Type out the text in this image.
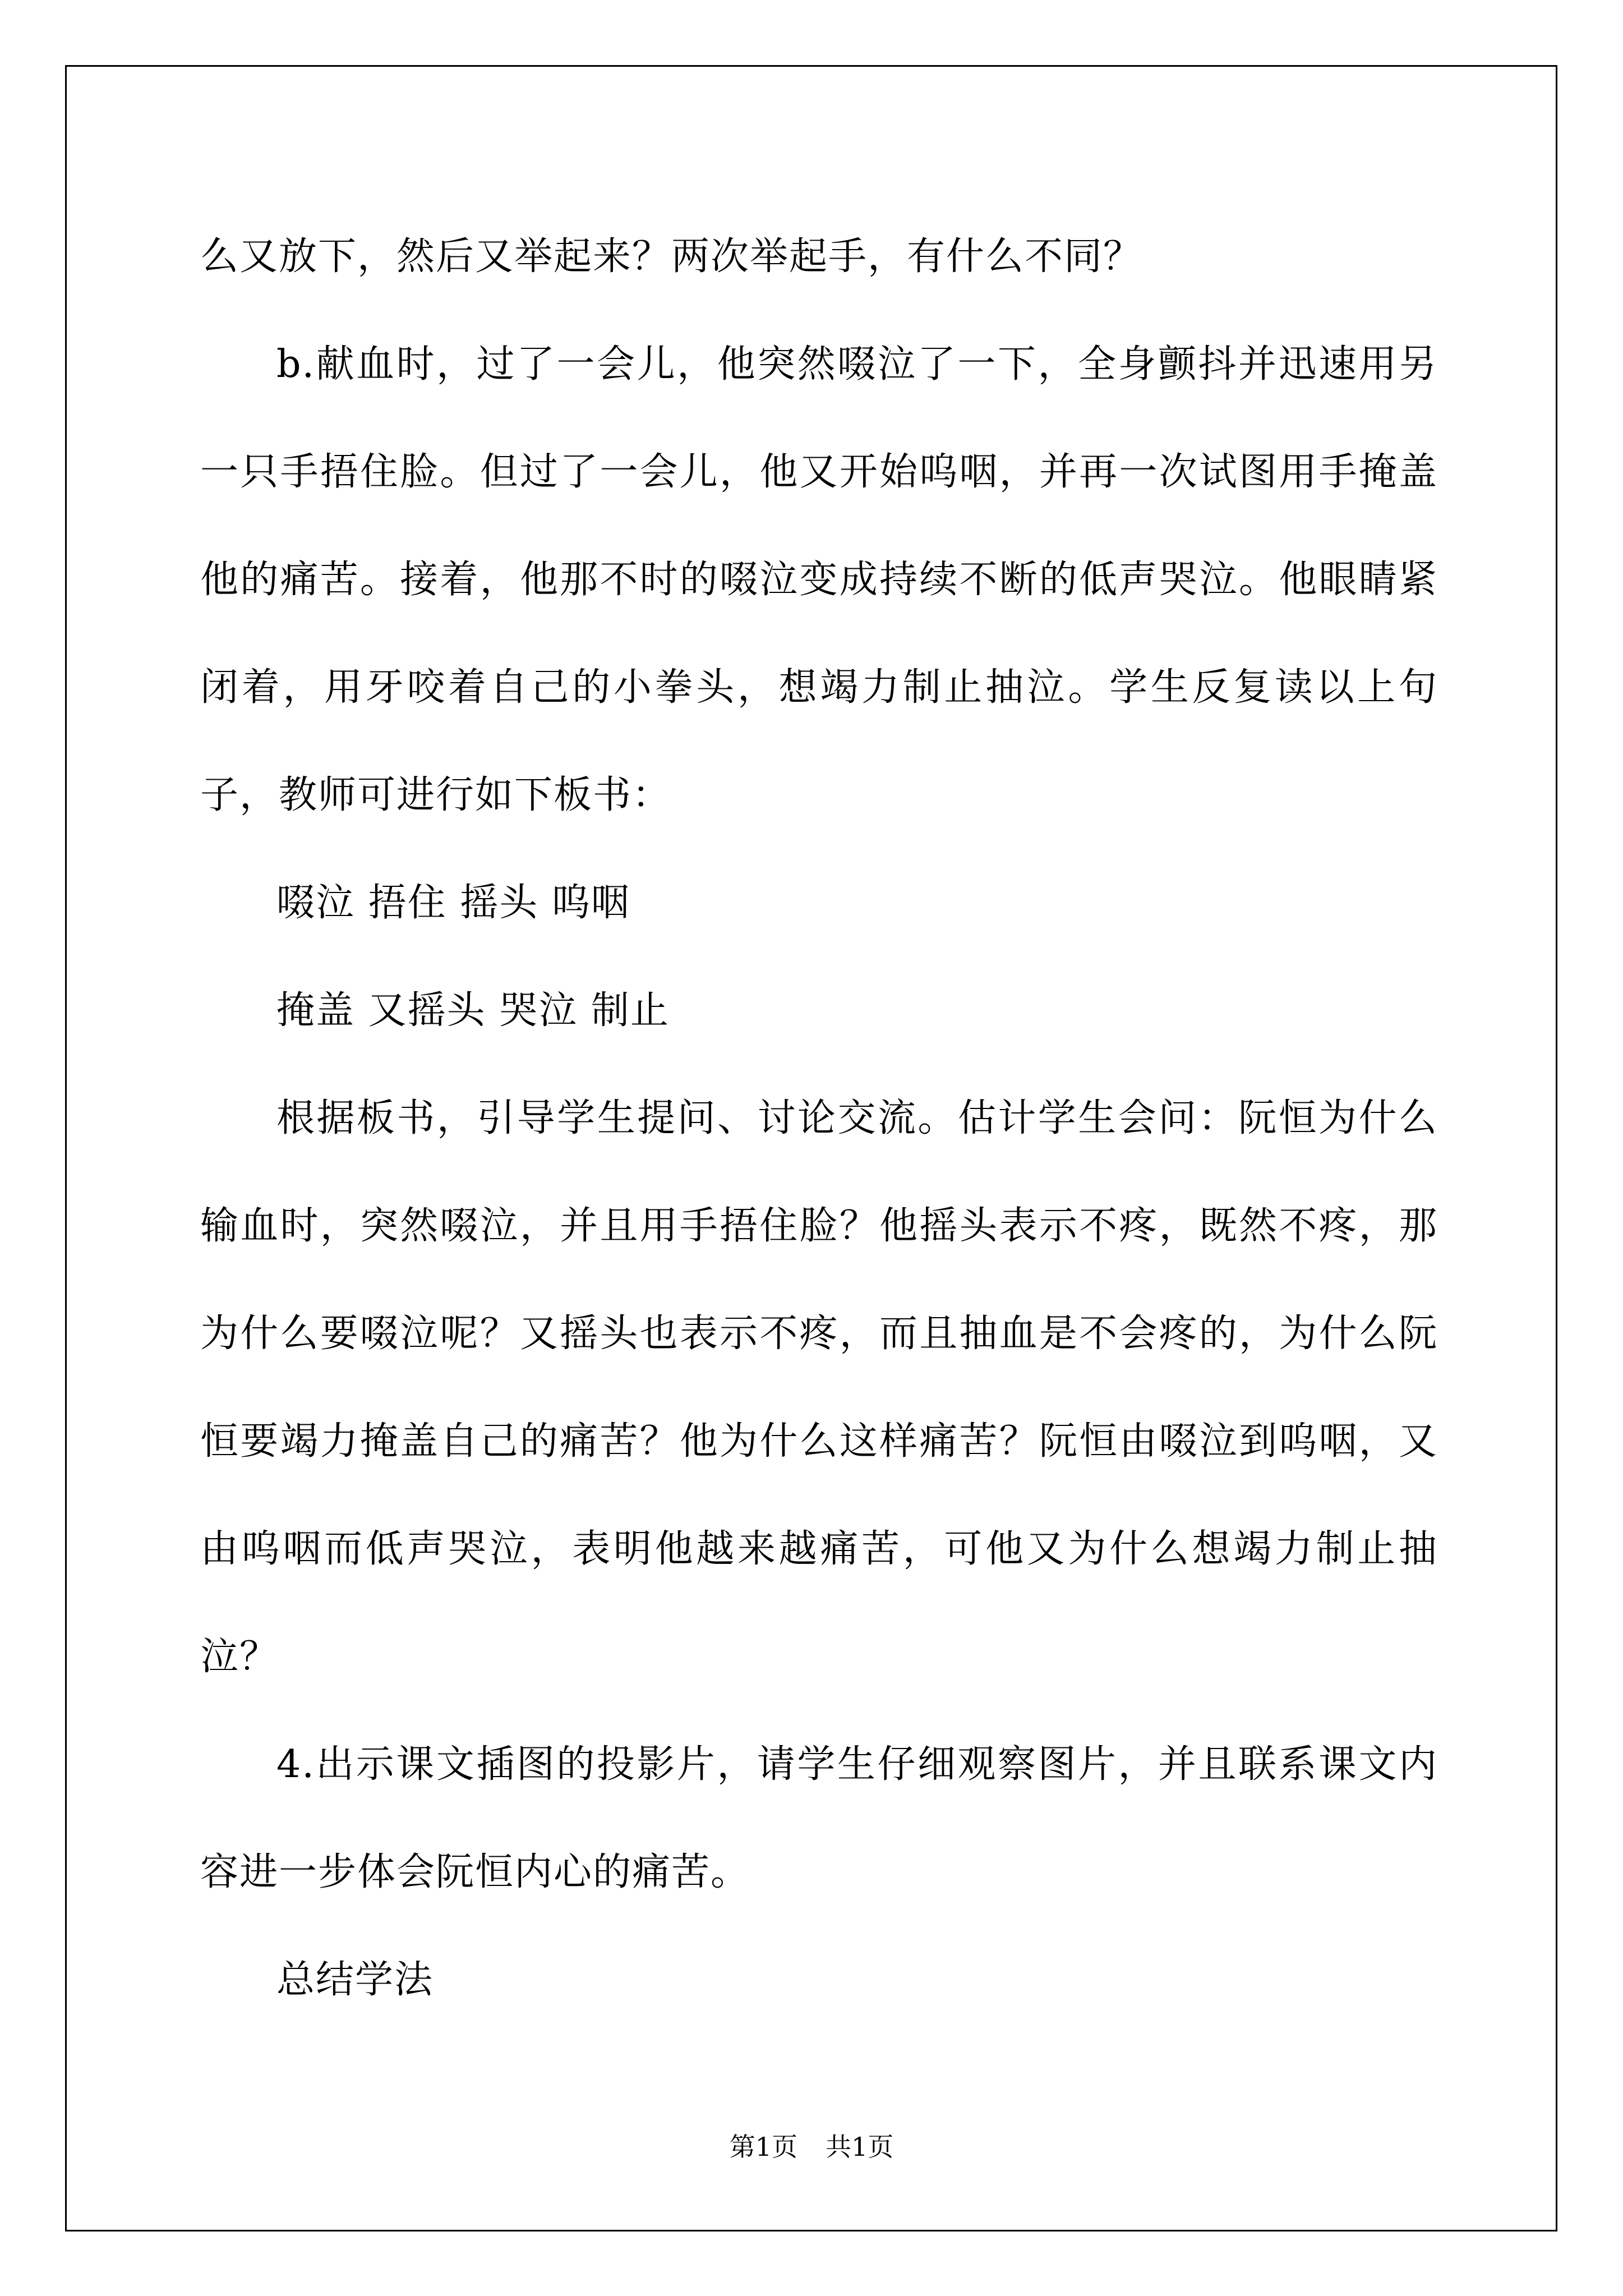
么又放下，然后又举起来？两次举起手，有什么不同？

b.献血时，过了一会儿，他突然啜泣了一下，全身颤抖并迅速用另一只手捂住脸。但过了一会儿，他又开始呜咽，并再一次试图用手掩盖他的痛苦。接着，他那不时的啜泣变成持续不断的低声哭泣。他眼睛紧闭着，用牙咬着自己的小拳头，想竭力制止抽泣。学生反复读以上句子，教师可进行如下板书：

啜泣 捂住 摇头 呜咽

掩盖 又摇头 哭泣 制止

根据板书，引导学生提问、讨论交流。估计学生会问：阮恒为什么输血时，突然啜泣，并且用手捂住脸？他摇头表示不疼，既然不疼，那为什么要啜泣呢？又摇头也表示不疼，而且抽血是不会疼的，为什么阮恒要竭力掩盖自己的痛苦？他为什么这样痛苦？阮恒由啜泣到呜咽，又由呜咽而低声哭泣，表明他越来越痛苦，可他又为什么想竭力制止抽泣？

4.出示课文插图的投影片，请学生仔细观察图片，并且联系课文内容进一步体会阮恒内心的痛苦。

总结学法

第1页 共1页
